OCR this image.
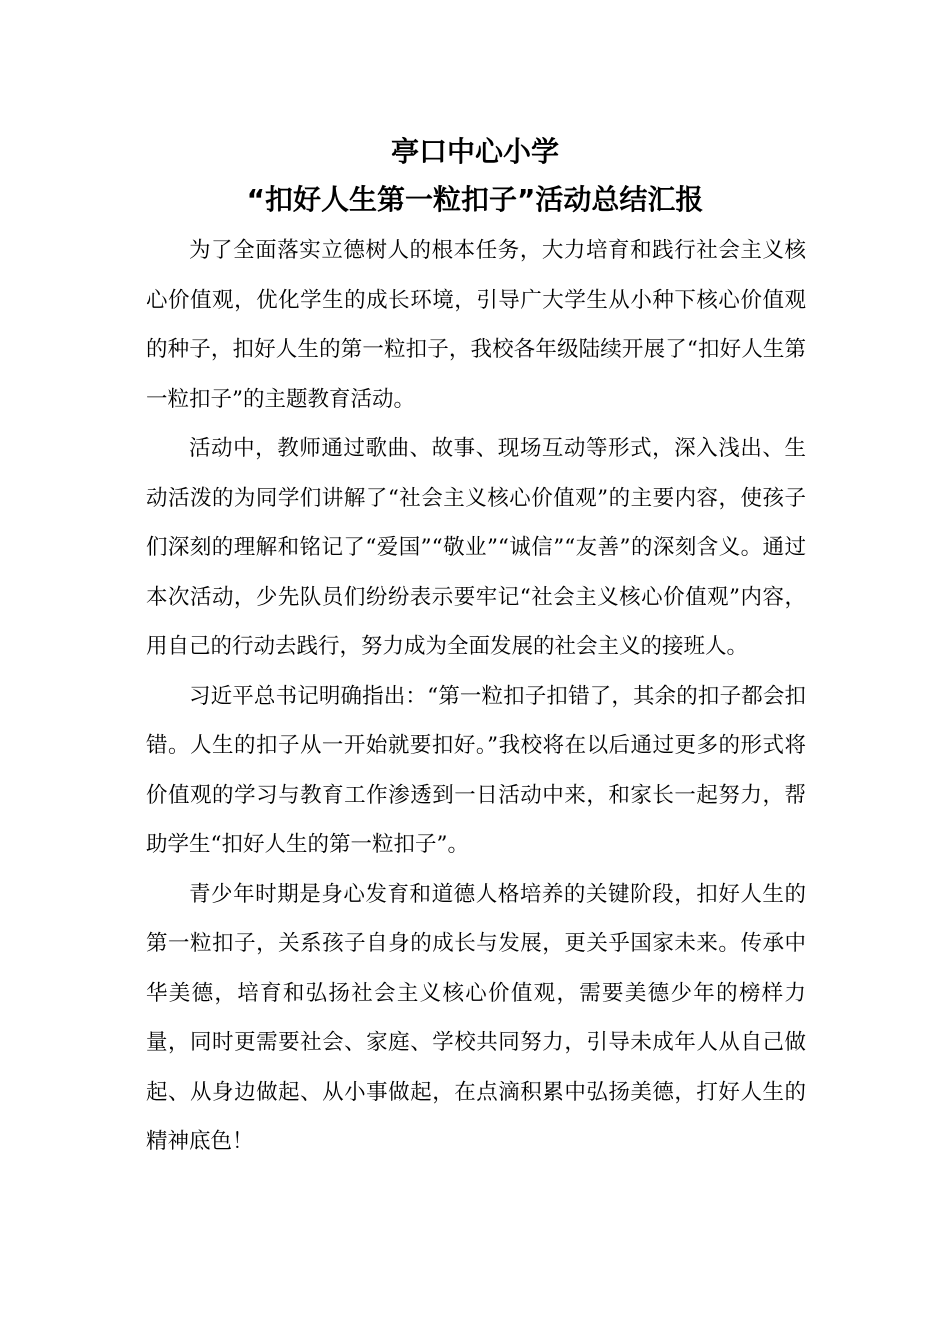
亭口中心小学
“扣好人生第一粒扣子”活动总结汇报

为了全面落实立德树人的根本任务，大力培育和践行社会主义核心价值观，优化学生的成长环境，引导广大学生从小种下核心价值观的种子，扣好人生的第一粒扣子，我校各年级陆续开展了“扣好人生第一粒扣子”的主题教育活动。

活动中，教师通过歌曲、故事、现场互动等形式，深入浅出、生动活泼的为同学们讲解了“社会主义核心价值观”的主要内容，使孩子们深刻的理解和铭记了“爱国”“敬业”“诚信”“友善”的深刻含义。通过本次活动，少先队员们纷纷表示要牢记“社会主义核心价值观”内容，用自己的行动去践行，努力成为全面发展的社会主义的接班人。

习近平总书记明确指出：“第一粒扣子扣错了，其余的扣子都会扣错。人生的扣子从一开始就要扣好。”我校将在以后通过更多的形式将价值观的学习与教育工作渗透到一日活动中来，和家长一起努力，帮助学生“扣好人生的第一粒扣子”。

青少年时期是身心发育和道德人格培养的关键阶段，扣好人生的第一粒扣子，关系孩子自身的成长与发展，更关乎国家未来。传承中华美德，培育和弘扬社会主义核心价值观，需要美德少年的榜样力量，同时更需要社会、家庭、学校共同努力，引导未成年人从自己做起、从身边做起、从小事做起，在点滴积累中弘扬美德，打好人生的精神底色！
